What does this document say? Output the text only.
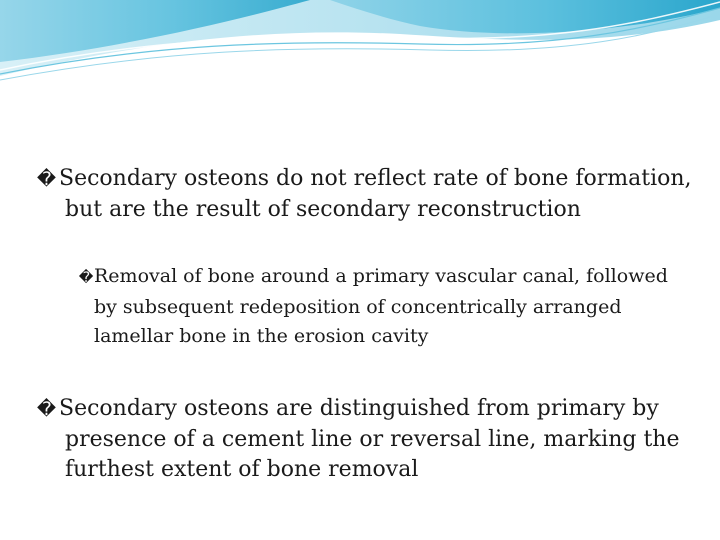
� Secondary osteons do not reflect rate of bone formation, but are the result of secondary reconstruction

�Removal of bone around a primary vascular canal, followed by subsequent redeposition of concentrically arranged lamellar bone in the erosion cavity

� Secondary osteons are distinguished from primary by presence of a cement line or reversal line, marking the furthest extent of bone removal
